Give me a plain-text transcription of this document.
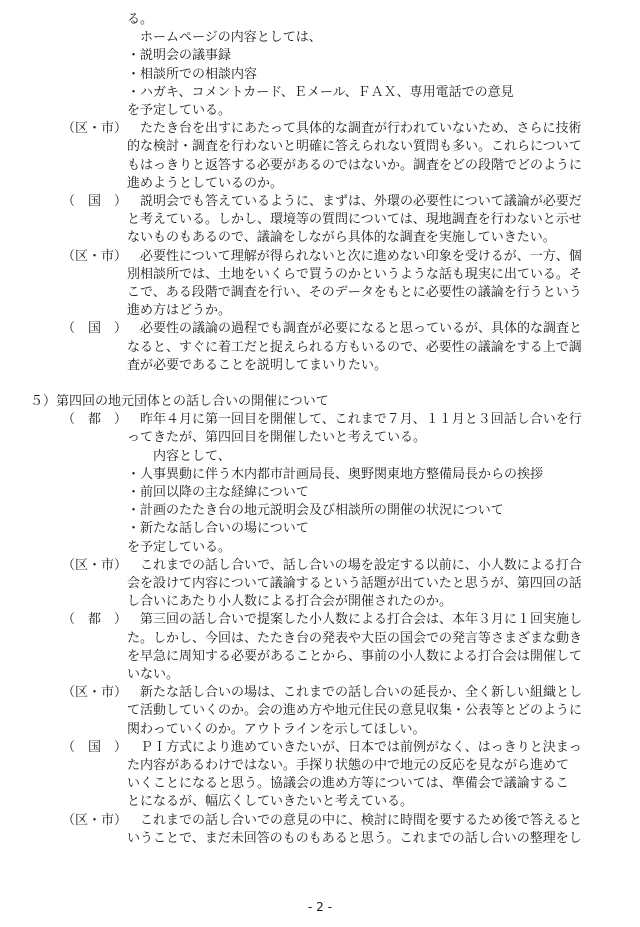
る。
　ホームページの内容としては、
・説明会の議事録
・相談所での相談内容
・ハガキ、コメントカード、Ｅメール、ＦＡＸ、専用電話での意見
を予定している。
（区・市） 　たたき台を出すにあたって具体的な調査が行われていないため、さらに技術
的な検討・調査を行わないと明確に答えられない質問も多い。これらについて
もはっきりと返答する必要があるのではないか。調査をどの段階でどのように
進めようとしているのか。
（　国　） 　説明会でも答えているように、まずは、外環の必要性について議論が必要だ
と考えている。しかし、環境等の質問については、現地調査を行わないと示せ
ないものもあるので、議論をしながら具体的な調査を実施していきたい。
（区・市） 　必要性について理解が得られないと次に進めない印象を受けるが、一方、個
別相談所では、土地をいくらで買うのかというような話も現実に出ている。そ
こで、ある段階で調査を行い、そのデータをもとに必要性の議論を行うという
進め方はどうか。
（　国　） 　必要性の議論の過程でも調査が必要になると思っているが、具体的な調査と
なると、すぐに着工だと捉えられる方もいるので、必要性の議論をする上で調
査が必要であることを説明してまいりたい。
５）第四回の地元団体との話し合いの開催について
（　都　） 　昨年４月に第一回目を開催して、これまで７月、１１月と３回話し合いを行
ってきたが、第四回目を開催したいと考えている。
　　内容として、
・人事異動に伴う木内都市計画局長、奥野関東地方整備局長からの挨拶
・前回以降の主な経緯について
・計画のたたき台の地元説明会及び相談所の開催の状況について
・新たな話し合いの場について
を予定している。
（区・市） 　これまでの話し合いで、話し合いの場を設定する以前に、小人数による打合
会を設けて内容について議論するという話題が出ていたと思うが、第四回の話
し合いにあたり小人数による打合会が開催されたのか。
（　都　） 　第三回の話し合いで提案した小人数による打合会は、本年３月に１回実施し
た。しかし、今回は、たたき台の発表や大臣の国会での発言等さまざまな動き
を早急に周知する必要があることから、事前の小人数による打合会は開催して
いない。
（区・市） 　新たな話し合いの場は、これまでの話し合いの延長か、全く新しい組織とし
て活動していくのか。会の進め方や地元住民の意見収集・公表等とどのように
関わっていくのか。アウトラインを示してほしい。
（　国　） 　ＰＩ方式により進めていきたいが、日本では前例がなく、はっきりと決まっ
た内容があるわけではない。手探り状態の中で地元の反応を見ながら進めて
いくことになると思う。協議会の進め方等については、準備会で議論するこ
とになるが、幅広くしていきたいと考えている。
（区・市） 　これまでの話し合いでの意見の中に、検討に時間を要するため後で答えると
いうことで、まだ未回答のものもあると思う。これまでの話し合いの整理をし
- 2 -
